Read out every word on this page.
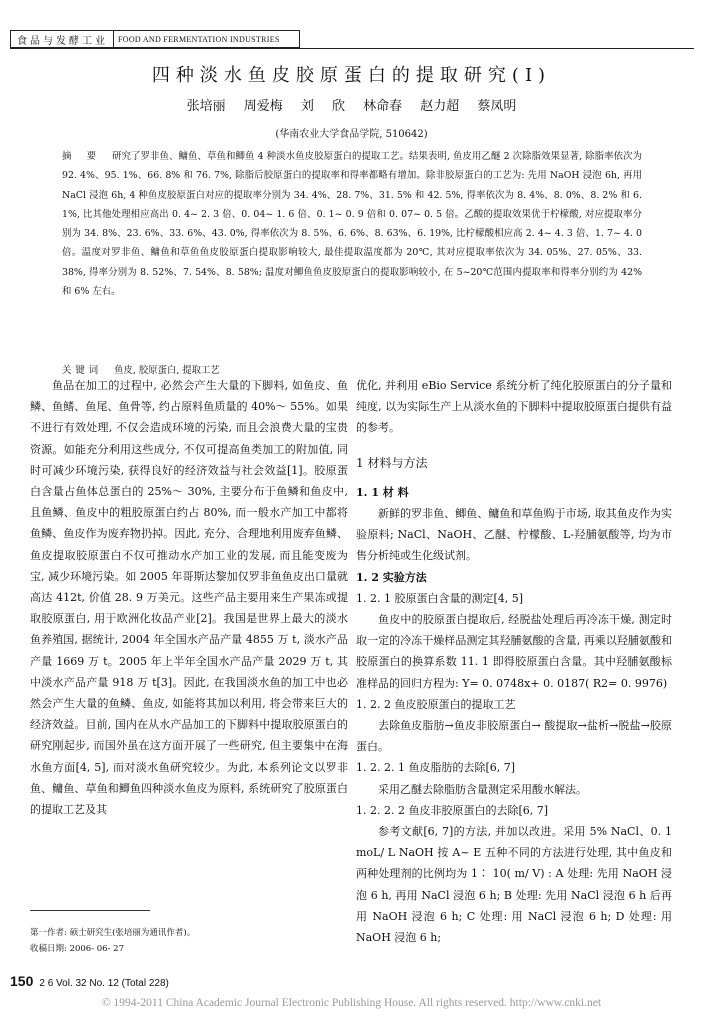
食品与发酵工业	FOOD AND FERMENTATION INDUSTRIES
四种淡水鱼皮胶原蛋白的提取研究(Ⅰ)
张培丽 周爱梅 刘 欣 林命春 赵力超 蔡凤明
(华南农业大学食品学院, 510642)
摘 要 研究了罗非鱼、鳙鱼、草鱼和鲫鱼 4 种淡水鱼皮胶原蛋白的提取工艺。结果表明, 鱼皮用乙醚 2 次除脂效果显著, 除脂率依次为 92. 4%、95. 1%、66. 8% 和 76. 7%, 除脂后胶原蛋白的提取率和得率都略有增加。除非胶原蛋白的工艺为: 先用 NaOH 浸泡 6h, 再用 NaCl 浸泡 6h, 4 种鱼皮胶原蛋白对应的提取率分别为 34. 4%、28. 7%、31. 5% 和 42. 5%, 得率依次为 8. 4%、8. 0%、8. 2% 和 6. 1%, 比其他处理相应高出 0. 4~ 2. 3 倍、0. 04~ 1. 6 倍、0. 1~ 0. 9 倍和 0. 07~ 0. 5 倍。乙酸的提取效果优于柠檬酸, 对应提取率分别为 34. 8%、23. 6%、33. 6%、43. 0%, 得率依次为 8. 5%、6. 6%、8. 63%、6. 19%, 比柠檬酸相应高 2. 4~ 4. 3 倍、1. 7~ 4. 0 倍。温度对罗非鱼、鳙鱼和草鱼鱼皮胶原蛋白提取影响较大, 最佳提取温度都为 20℃, 其对应提取率依次为 34. 05%、27. 05%、33. 38%, 得率分别为 8. 52%、7. 54%、8. 58%; 温度对鲫鱼鱼皮胶原蛋白的提取影响较小, 在 5~20℃范围内提取率和得率分别约为 42% 和 6% 左右。
关键词 鱼皮, 胶原蛋白, 提取工艺
鱼品在加工的过程中, 必然会产生大量的下脚料, 如鱼皮、鱼鳞、鱼鳍、鱼尾、鱼骨等, 约占原料鱼质量的 40%～ 55%。如果不进行有效处理, 不仅会造成环境的污染, 而且会浪费大量的宝贵资源。如能充分利用这些成分, 不仅可提高鱼类加工的附加值, 同时可减少环境污染, 获得良好的经济效益与社会效益[1]。胶原蛋白含量占鱼体总蛋白的 25%～ 30%, 主要分布于鱼鳞和鱼皮中, 且鱼鳞、鱼皮中的粗胶原蛋白约占 80%, 而一般水产加工中都将鱼鳞、鱼皮作为废弃物扔掉。因此, 充分、合理地利用废弃鱼鳞、鱼皮提取胶原蛋白不仅可推动水产加工业的发展, 而且能变废为宝, 减少环境污染。如 2005 年哥斯达黎加仅罗非鱼鱼皮出口量就高达 412t, 价值 28. 9 万美元。这些产品主要用来生产果冻或提取胶原蛋白, 用于欧洲化妆品产业[2]。我国是世界上最大的淡水鱼养殖国, 据统计, 2004 年全国水产品产量 4855 万 t, 淡水产品产量 1669 万 t。2005 年上半年全国水产品产量 2029 万 t, 其中淡水产品产量 918 万 t[3]。因此, 在我国淡水鱼的加工中也必然会产生大量的鱼鳞、鱼皮, 如能将其加以利用, 将会带来巨大的经济效益。目前, 国内在从水产品加工的下脚料中提取胶原蛋白的研究刚起步, 而国外虽在这方面开展了一些研究, 但主要集中在海水鱼方面[4, 5], 而对淡水鱼研究较少。为此, 本系列论文以罗非鱼、鳙鱼、草鱼和鲫鱼四种淡水鱼皮为原料, 系统研究了胶原蛋白的提取工艺及其

优化, 并利用 eBio Service 系统分析了纯化胶原蛋白的分子量和纯度, 以为实际生产上从淡水鱼的下脚料中提取胶原蛋白提供有益的参考。

1 材料与方法

1. 1 材 料

新鲜的罗非鱼、鲫鱼、鳙鱼和草鱼购于市场, 取其鱼皮作为实验原料; NaCl、NaOH、乙醚、柠檬酸、L-羟脯氨酸等, 均为市售分析纯或生化级试剂。

1. 2 实验方法

1. 2. 1 胶原蛋白含量的测定[4, 5]

鱼皮中的胶原蛋白提取后, 经脱盐处理后再冷冻干燥, 测定时取一定的冷冻干燥样品测定其羟脯氨酸的含量, 再乘以羟脯氨酸和胶原蛋白的换算系数 11. 1 即得胶原蛋白含量。其中羟脯氨酸标准样品的回归方程为: Y= 0. 0748x+ 0. 0187( R2= 0. 9976)

1. 2. 2 鱼皮胶原蛋白的提取工艺

去除鱼皮脂肪→鱼皮非胶原蛋白→ 酸提取→盐析→脱盐→胶原蛋白。

1. 2. 2. 1 鱼皮脂肪的去除[6, 7]

采用乙醚去除脂肪含量测定采用酸水解法。

1. 2. 2. 2 鱼皮非胶原蛋白的去除[6, 7]

参考文献[6, 7]的方法, 并加以改进。采用 5% NaCl、0. 1 moL/ L NaOH 按 A~ E 五种不同的方法进行处理, 其中鱼皮和两种处理剂的比例均为 1∶ 10( m/ V) : A 处理: 先用 NaOH 浸泡 6 h, 再用 NaCl 浸泡 6 h; B 处理: 先用 NaCl 浸泡 6 h 后再用 NaOH 浸泡 6 h; C 处理: 用 NaCl 浸泡 6 h; D 处理: 用 NaOH 浸泡 6 h;

第一作者: 硕士研究生(张培丽为通讯作者)。
收稿日期: 2006- 06- 27
150 2 6 Vol. 32 No. 12 (Total 228)
© 1994-2011 China Academic Journal Electronic Publishing House. All rights reserved. http://www.cnki.net
